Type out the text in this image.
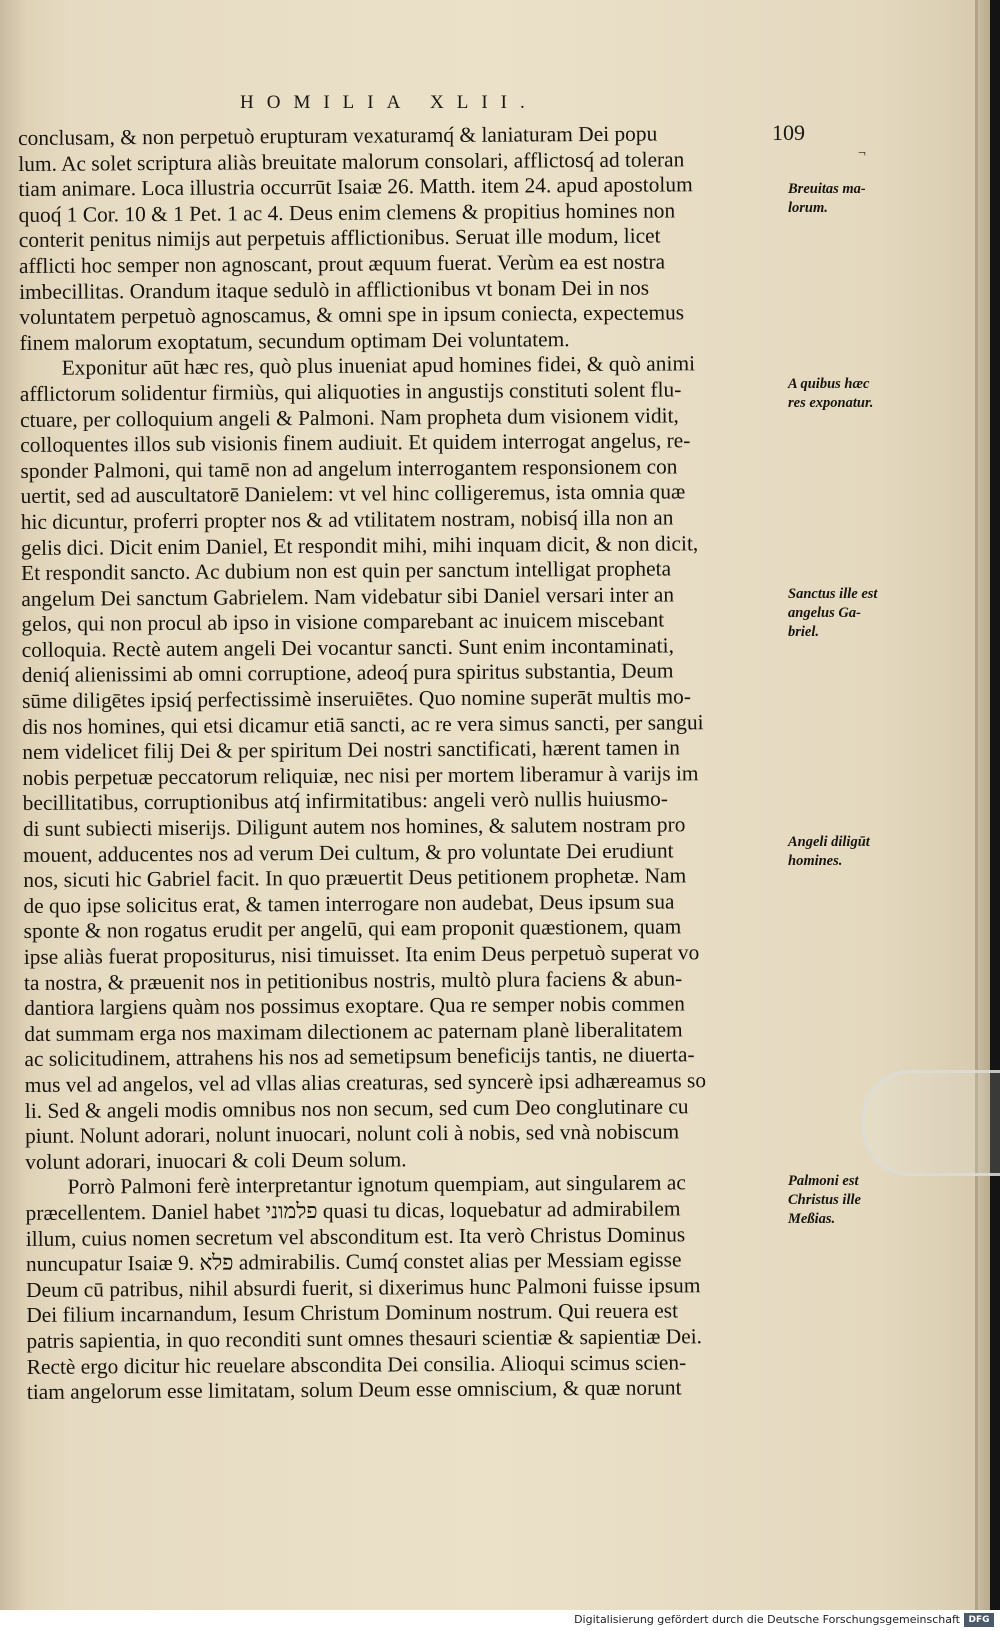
HOMILIA XLII.
109
¬
conclusam, & non perpetuò erupturam vexaturamq́ & laniaturam Dei popu
lum. Ac solet scriptura aliàs breuitate malorum consolari, afflictosq́ ad toleran
tiam animare. Loca illustria occurrūt Isaiæ 26. Matth. item 24. apud apostolum
quoq́ 1 Cor. 10 & 1 Pet. 1 ac 4. Deus enim clemens & propitius homines non
conterit penitus nimijs aut perpetuis afflictionibus. Seruat ille modum, licet
afflicti hoc semper non agnoscant, prout æquum fuerat. Verùm ea est nostra
imbecillitas. Orandum itaque sedulò in afflictionibus vt bonam Dei in nos
voluntatem perpetuò agnoscamus, & omni spe in ipsum coniecta, expectemus
finem malorum exoptatum, secundum optimam Dei voluntatem.
Exponitur aūt hæc res, quò plus inueniat apud homines fidei, & quò animi
afflictorum solidentur firmiùs, qui aliquoties in angustijs constituti solent flu-
ctuare, per colloquium angeli & Palmoni. Nam propheta dum visionem vidit,
colloquentes illos sub visionis finem audiuit. Et quidem interrogat angelus, re-
sponder Palmoni, qui tamē non ad angelum interrogantem responsionem con
uertit, sed ad auscultatorē Danielem: vt vel hinc colligeremus, ista omnia quæ
hic dicuntur, proferri propter nos & ad vtilitatem nostram, nobisq́ illa non an
gelis dici. Dicit enim Daniel, Et respondit mihi, mihi inquam dicit, & non dicit,
Et respondit sancto. Ac dubium non est quin per sanctum intelligat propheta
angelum Dei sanctum Gabrielem. Nam videbatur sibi Daniel versari inter an
gelos, qui non procul ab ipso in visione comparebant ac inuicem miscebant
colloquia. Rectè autem angeli Dei vocantur sancti. Sunt enim incontaminati,
deniq́ alienissimi ab omni corruptione, adeoq́ pura spiritus substantia, Deum
sūme diligētes ipsiq́ perfectissimè inseruiētes. Quo nomine superāt multis mo-
dis nos homines, qui etsi dicamur etiā sancti, ac re vera simus sancti, per sangui
nem videlicet filij Dei & per spiritum Dei nostri sanctificati, hærent tamen in
nobis perpetuæ peccatorum reliquiæ, nec nisi per mortem liberamur à varijs im
becillitatibus, corruptionibus atq́ infirmitatibus: angeli verò nullis huiusmo-
di sunt subiecti miserijs. Diligunt autem nos homines, & salutem nostram pro
mouent, adducentes nos ad verum Dei cultum, & pro voluntate Dei erudiunt
nos, sicuti hic Gabriel facit. In quo præuertit Deus petitionem prophetæ. Nam
de quo ipse solicitus erat, & tamen interrogare non audebat, Deus ipsum sua
sponte & non rogatus erudit per angelū, qui eam proponit quæstionem, quam
ipse aliàs fuerat propositurus, nisi timuisset. Ita enim Deus perpetuò superat vo
ta nostra, & præuenit nos in petitionibus nostris, multò plura faciens & abun-
dantiora largiens quàm nos possimus exoptare. Qua re semper nobis commen
dat summam erga nos maximam dilectionem ac paternam planè liberalitatem
ac solicitudinem, attrahens his nos ad semetipsum beneficijs tantis, ne diuerta-
mus vel ad angelos, vel ad vllas alias creaturas, sed syncerè ipsi adhæreamus so
li. Sed & angeli modis omnibus nos non secum, sed cum Deo conglutinare cu
piunt. Nolunt adorari, nolunt inuocari, nolunt coli à nobis, sed vnà nobiscum
volunt adorari, inuocari & coli Deum solum.
Porrò Palmoni ferè interpretantur ignotum quempiam, aut singularem ac
præcellentem. Daniel habet פלמוני quasi tu dicas, loquebatur ad admirabilem
illum, cuius nomen secretum vel absconditum est. Ita verò Christus Dominus
nuncupatur Isaiæ 9. פלא admirabilis. Cumq́ constet alias per Messiam egisse
Deum cū patribus, nihil absurdi fuerit, si dixerimus hunc Palmoni fuisse ipsum
Dei filium incarnandum, Iesum Christum Dominum nostrum. Qui reuera est
patris sapientia, in quo reconditi sunt omnes thesauri scientiæ & sapientiæ Dei.
Rectè ergo dicitur hic reuelare abscondita Dei consilia. Alioqui scimus scien-
tiam angelorum esse limitatam, solum Deum esse omniscium, & quæ norunt
Breuitas ma-
lorum.
A quibus hæc
res exponatur.
Sanctus ille est
angelus Ga-
briel.
Angeli diligūt
homines.
Palmoni est
Christus ille
Meßias.
Digitalisierung gefördert durch die Deutsche Forschungsgemeinschaft DFG
